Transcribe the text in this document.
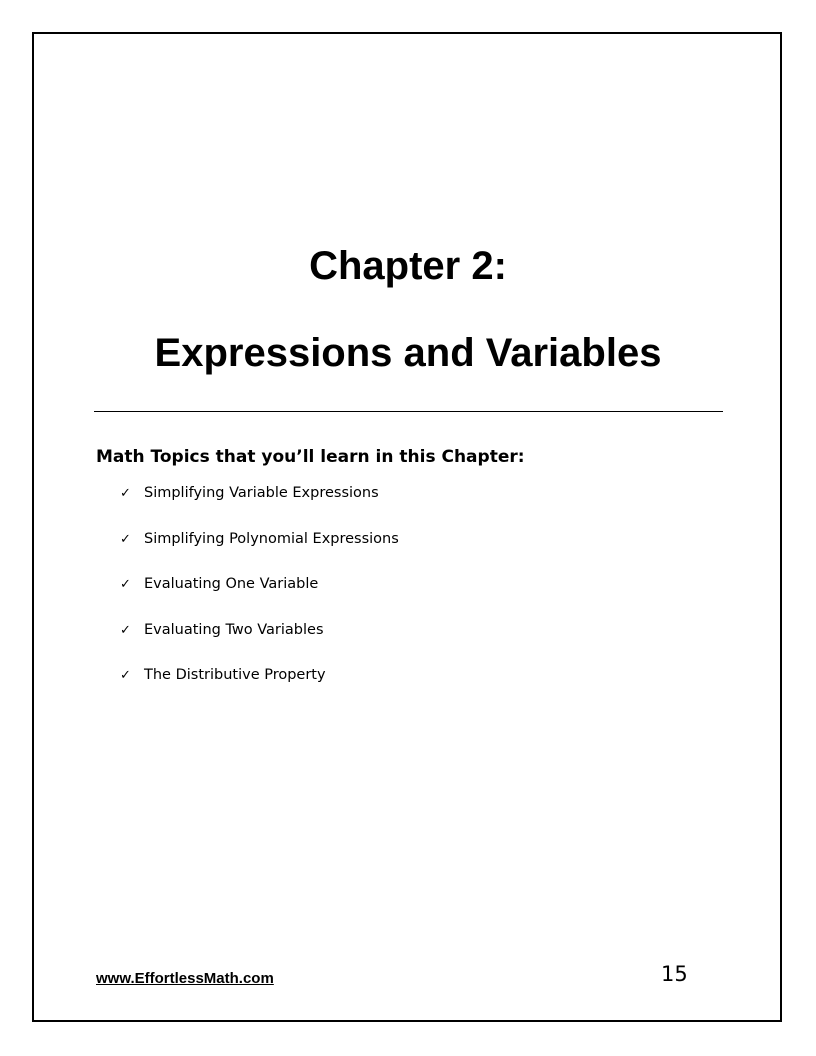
Chapter 2:
Expressions and Variables

Math Topics that you’ll learn in this Chapter:

✓ Simplifying Variable Expressions
✓ Simplifying Polynomial Expressions
✓ Evaluating One Variable
✓ Evaluating Two Variables
✓ The Distributive Property
www.EffortlessMath.com	15
